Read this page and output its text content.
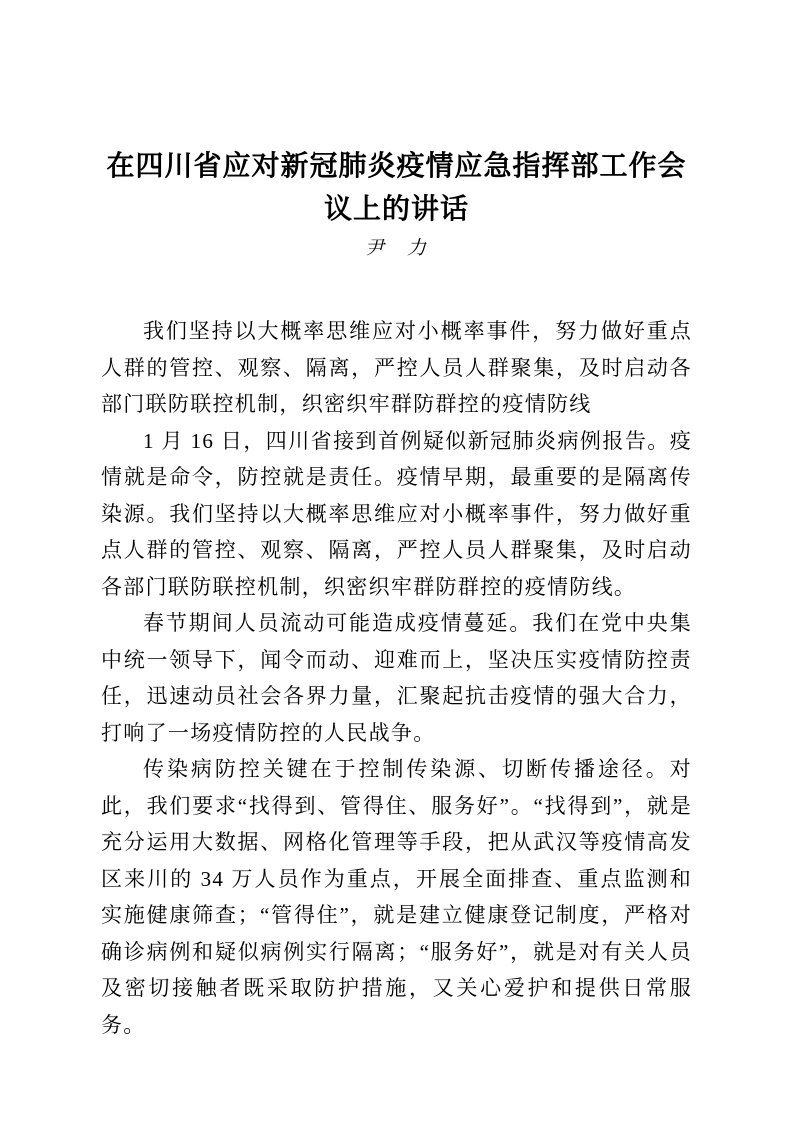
在四川省应对新冠肺炎疫情应急指挥部工作会议上的讲话
尹　力

我们坚持以大概率思维应对小概率事件，努力做好重点人群的管控、观察、隔离，严控人员人群聚集，及时启动各部门联防联控机制，织密织牢群防群控的疫情防线

1 月 16 日，四川省接到首例疑似新冠肺炎病例报告。疫情就是命令，防控就是责任。疫情早期，最重要的是隔离传染源。我们坚持以大概率思维应对小概率事件，努力做好重点人群的管控、观察、隔离，严控人员人群聚集，及时启动各部门联防联控机制，织密织牢群防群控的疫情防线。

春节期间人员流动可能造成疫情蔓延。我们在党中央集中统一领导下，闻令而动、迎难而上，坚决压实疫情防控责任，迅速动员社会各界力量，汇聚起抗击疫情的强大合力，打响了一场疫情防控的人民战争。

传染病防控关键在于控制传染源、切断传播途径。对此，我们要求“找得到、管得住、服务好”。“找得到”，就是充分运用大数据、网格化管理等手段，把从武汉等疫情高发区来川的 34 万人员作为重点，开展全面排查、重点监测和实施健康筛查；“管得住”，就是建立健康登记制度，严格对确诊病例和疑似病例实行隔离；“服务好”，就是对有关人员及密切接触者既采取防护措施，又关心爱护和提供日常服务。
